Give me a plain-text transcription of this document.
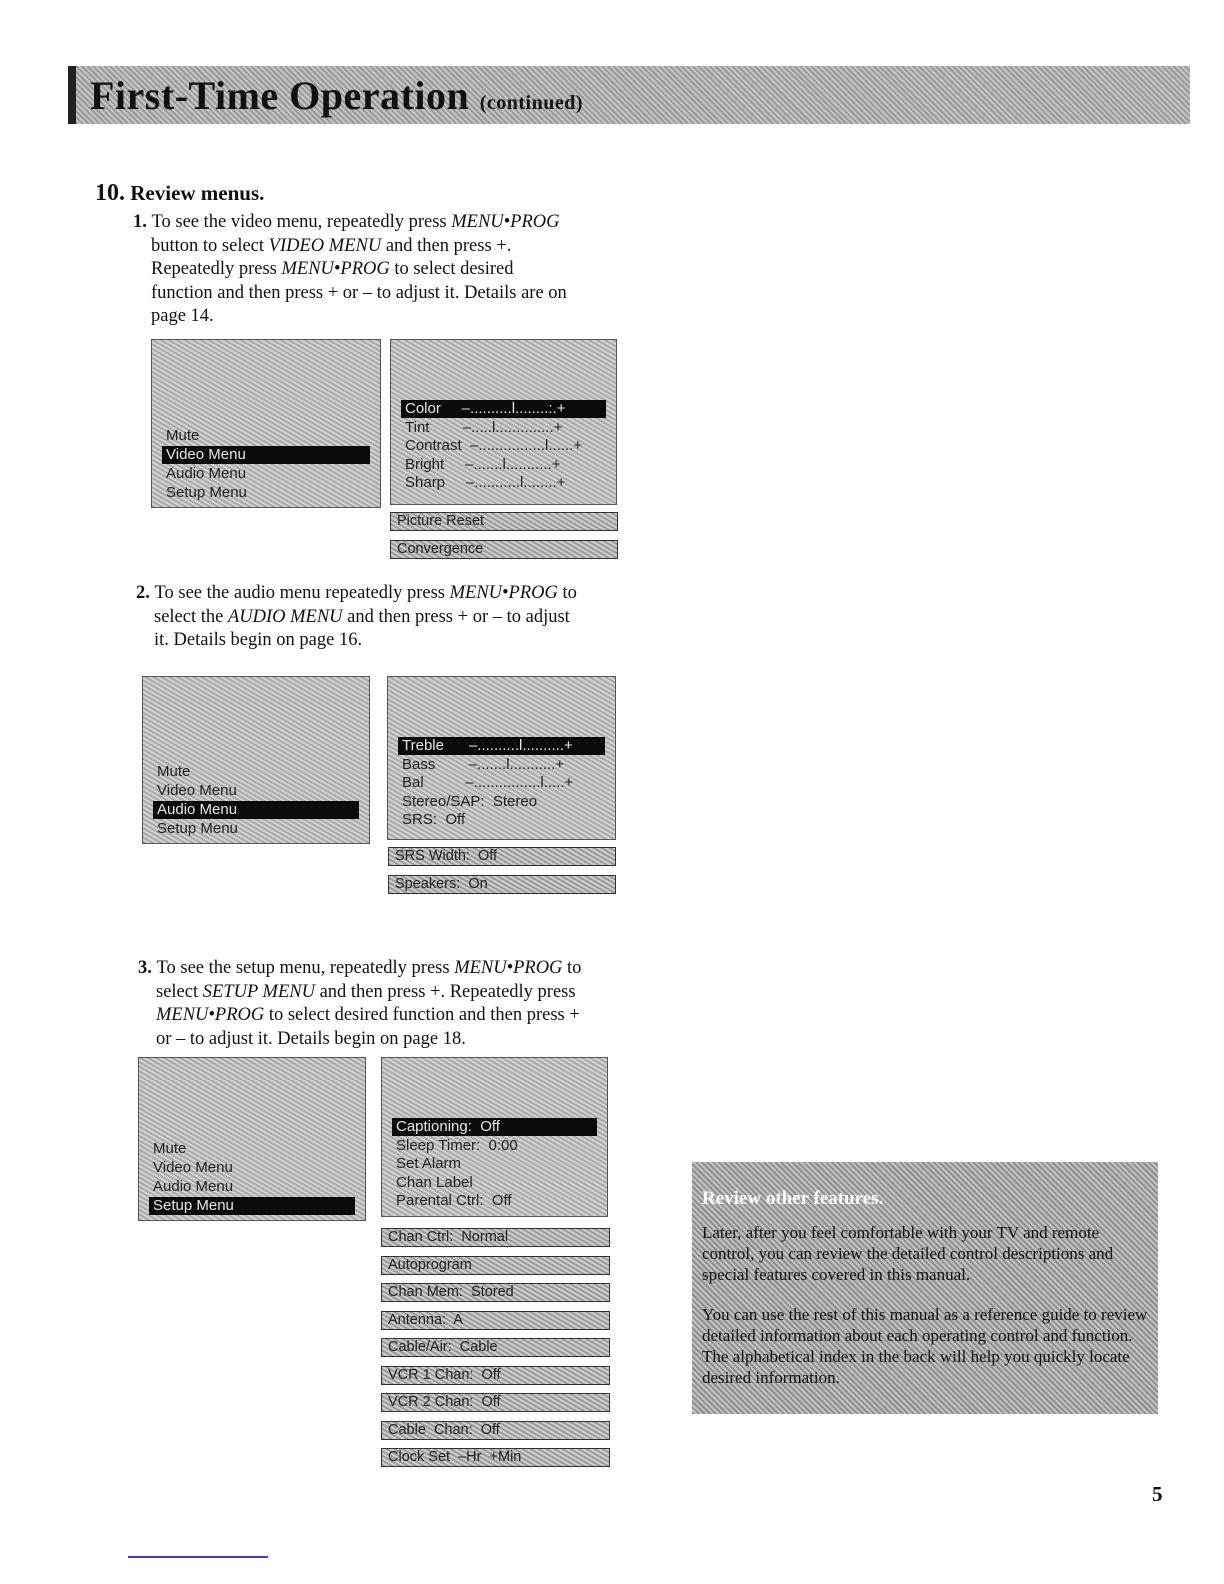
First-Time Operation (continued)
10. Review menus.
1. To see the video menu, repeatedly press MENU•PROG
button to select VIDEO MENU and then press +.
Repeatedly press MENU•PROG to select desired
function and then press + or – to adjust it. Details are on
page 14.
2. To see the audio menu repeatedly press MENU•PROG to
select the AUDIO MENU and then press + or – to adjust
it. Details begin on page 16.
3. To see the setup menu, repeatedly press MENU•PROG to
select SETUP MENU and then press +. Repeatedly press
MENU•PROG to select desired function and then press +
or – to adjust it. Details begin on page 18.
Mute
Video Menu
Audio Menu
Setup Menu
Color     –..........l........:.+
Tint        –.....l..............+
Contrast  –................l......+
Bright     –.......l...........+
Sharp     –...........l........+
Picture Reset
Convergence
Mute
Video Menu
Audio Menu
Setup Menu
Treble      –..........l..........+
Bass        –.......l...........+
Bal          –................l.....+
Stereo/SAP:  Stereo
SRS:  Off
SRS Width:  Off
Speakers:  On
Mute
Video Menu
Audio Menu
Setup Menu
Captioning:  Off
Sleep Timer:  0:00
Set Alarm
Chan Label
Parental Ctrl:  Off
Chan Ctrl:  Normal
Autoprogram
Chan Mem:  Stored
Antenna:  A
Cable/Air:  Cable
VCR 1 Chan:  Off
VCR 2 Chan:  Off
Cable  Chan:  Off
Clock Set  –Hr  +Min
Review other features.
Later, after you feel comfortable with your TV and remote control, you can review the detailed control descriptions and special features covered in this manual.
You can use the rest of this manual as a reference guide to review detailed information about each operating control and function. The alphabetical index in the back will help you quickly locate desired information.
5
